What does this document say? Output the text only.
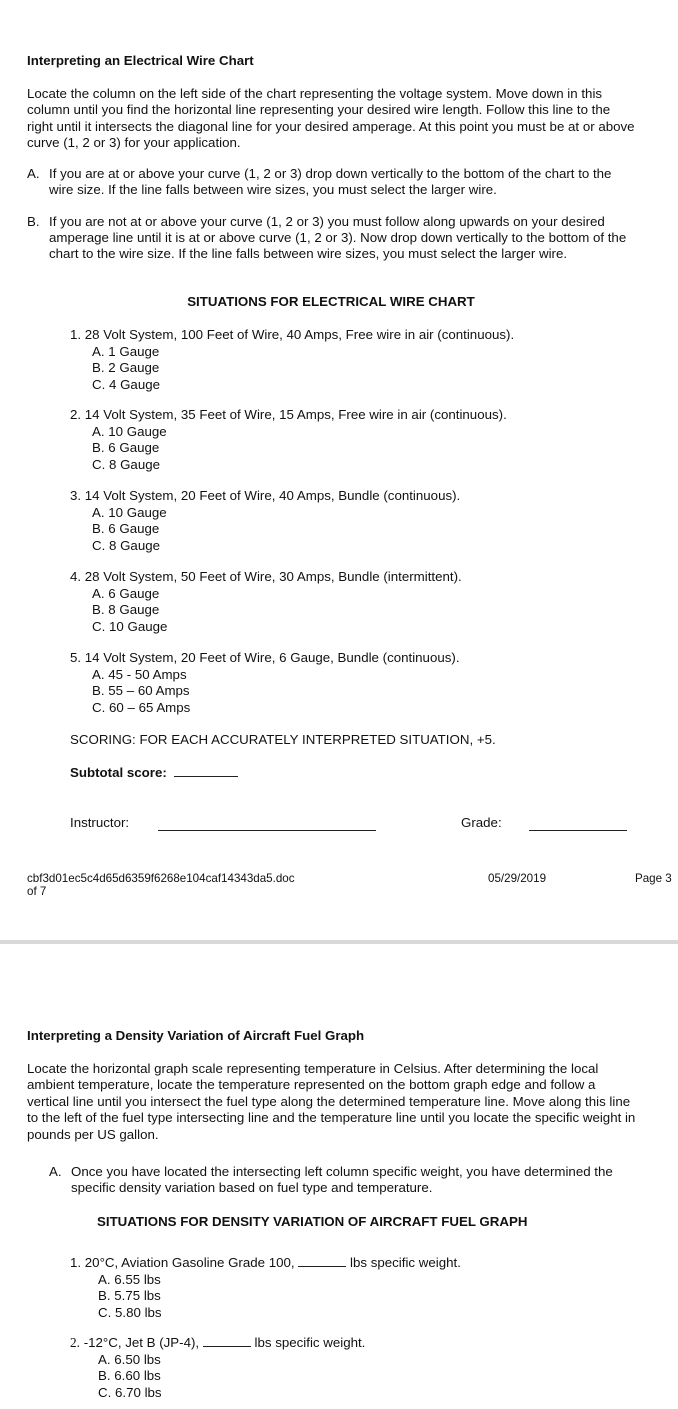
Interpreting an Electrical Wire Chart
Locate the column on the left side of the chart representing the voltage system. Move down in this column until you find the horizontal line representing your desired wire length. Follow this line to the right until it intersects the diagonal line for your desired amperage. At this point you must be at or above curve (1, 2 or 3) for your application.
A. If you are at or above your curve (1, 2 or 3) drop down vertically to the bottom of the chart to the wire size. If the line falls between wire sizes, you must select the larger wire.
B. If you are not at or above your curve (1, 2 or 3) you must follow along upwards on your desired amperage line until it is at or above curve (1, 2 or 3). Now drop down vertically to the bottom of the chart to the wire size. If the line falls between wire sizes, you must select the larger wire.
SITUATIONS FOR ELECTRICAL WIRE CHART
1. 28 Volt System, 100 Feet of Wire, 40 Amps, Free wire in air (continuous).
A. 1 Gauge
B. 2 Gauge
C. 4 Gauge
2. 14 Volt System, 35 Feet of Wire, 15 Amps, Free wire in air (continuous).
A. 10 Gauge
B. 6 Gauge
C. 8 Gauge
3. 14 Volt System, 20 Feet of Wire, 40 Amps, Bundle (continuous).
A. 10 Gauge
B. 6 Gauge
C. 8 Gauge
4. 28 Volt System, 50 Feet of Wire, 30 Amps, Bundle (intermittent).
A. 6 Gauge
B. 8 Gauge
C. 10 Gauge
5. 14 Volt System, 20 Feet of Wire, 6 Gauge, Bundle (continuous).
A. 45 - 50 Amps
B. 55 – 60 Amps
C. 60 – 65 Amps
SCORING: FOR EACH ACCURATELY INTERPRETED SITUATION, +5.
Subtotal score:
Instructor:	Grade:
cbf3d01ec5c4d65d6359f6268e104caf14343da5.doc
of 7
05/29/2019	Page 3
Interpreting a Density Variation of Aircraft Fuel Graph
Locate the horizontal graph scale representing temperature in Celsius. After determining the local ambient temperature, locate the temperature represented on the bottom graph edge and follow a vertical line until you intersect the fuel type along the determined temperature line. Move along this line to the left of the fuel type intersecting line and the temperature line until you locate the specific weight in pounds per US gallon.
A. Once you have located the intersecting left column specific weight, you have determined the specific density variation based on fuel type and temperature.
SITUATIONS FOR DENSITY VARIATION OF AIRCRAFT FUEL GRAPH
1. 20°C, Aviation Gasoline Grade 100,	lbs specific weight.
A. 6.55 lbs
B. 5.75 lbs
C. 5.80 lbs
2. -12°C, Jet B (JP-4),	lbs specific weight.
A. 6.50 lbs
B. 6.60 lbs
C. 6.70 lbs
